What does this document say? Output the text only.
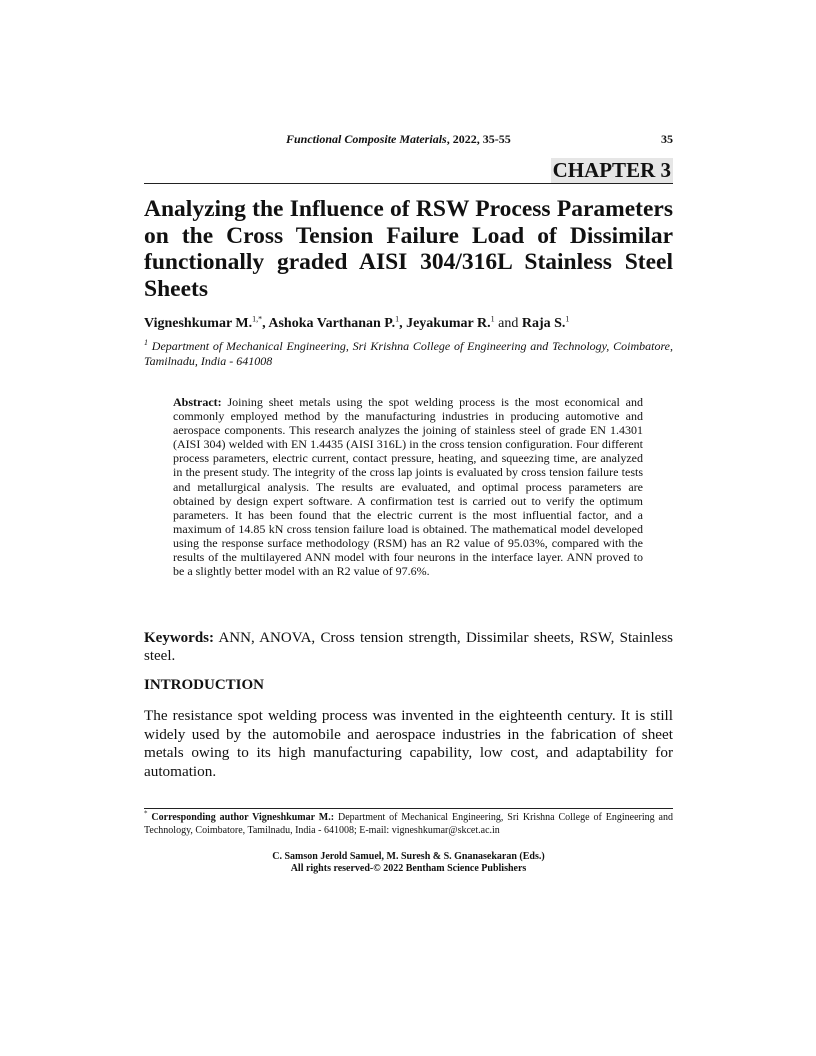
Functional Composite Materials, 2022, 35-55	35
CHAPTER 3
Analyzing the Influence of RSW Process Parameters on the Cross Tension Failure Load of Dissimilar functionally graded AISI 304/316L Stainless Steel Sheets
Vigneshkumar M.$^{1,*}$, Ashoka Varthanan P.$^1$, Jeyakumar R.$^1$ and Raja S.$^1$
$^1$ Department of Mechanical Engineering, Sri Krishna College of Engineering and Technology, Coimbatore, Tamilnadu, India - 641008
Abstract: Joining sheet metals using the spot welding process is the most economical and commonly employed method by the manufacturing industries in producing automotive and aerospace components. This research analyzes the joining of stainless steel of grade EN 1.4301 (AISI 304) welded with EN 1.4435 (AISI 316L) in the cross tension configuration. Four different process parameters, electric current, contact pressure, heating, and squeezing time, are analyzed in the present study. The integrity of the cross lap joints is evaluated by cross tension failure tests and metallurgical analysis. The results are evaluated, and optimal process parameters are obtained by design expert software. A confirmation test is carried out to verify the optimum parameters. It has been found that the electric current is the most influential factor, and a maximum of 14.85 kN cross tension failure load is obtained. The mathematical model developed using the response surface methodology (RSM) has an R2 value of 95.03%, compared with the results of the multilayered ANN model with four neurons in the interface layer. ANN proved to be a slightly better model with an R2 value of 97.6%.
Keywords: ANN, ANOVA, Cross tension strength, Dissimilar sheets, RSW, Stainless steel.
INTRODUCTION
The resistance spot welding process was invented in the eighteenth century. It is still widely used by the automobile and aerospace industries in the fabrication of sheet metals owing to its high manufacturing capability, low cost, and adaptability for automation.
* Corresponding author Vigneshkumar M.: Department of Mechanical Engineering, Sri Krishna College of Engineering and Technology, Coimbatore, Tamilnadu, India - 641008; E-mail: vigneshkumar@skcet.ac.in
C. Samson Jerold Samuel, M. Suresh & S. Gnanasekaran (Eds.)
All rights reserved-© 2022 Bentham Science Publishers
